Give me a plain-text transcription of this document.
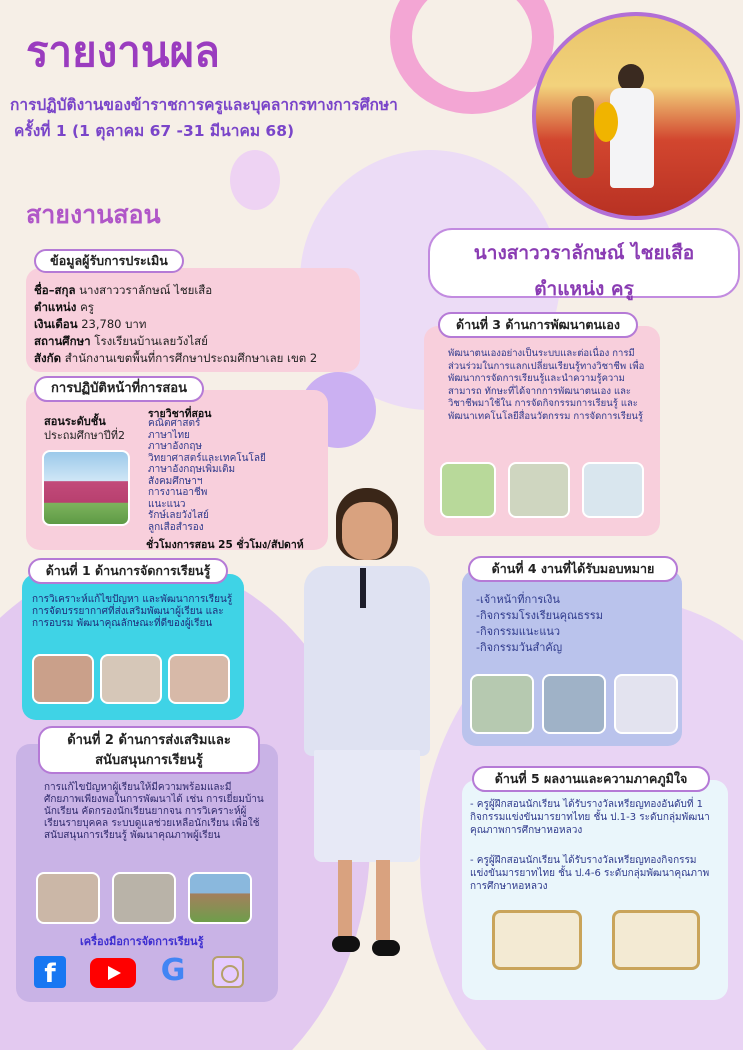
รายงานผล
การปฏิบัติงานของข้าราชการครูและบุคลากรทางการศึกษา
ครั้งที่ 1 (1 ตุลาคม 67 -31 มีนาคม 68)
สายงานสอน
นางสาววราลักษณ์ ไชยเสือ
ตำแหน่ง ครู
ชื่อ–สกุล นางสาววราลักษณ์ ไชยเสือ
ตำแหน่ง ครู
เงินเดือน 23,780 บาท
สถานศึกษา โรงเรียนบ้านเลยวังไสย์
สังกัด สำนักงานเขตพื้นที่การศึกษาประถมศึกษาเลย เขต 2
ข้อมูลผู้รับการประเมิน
สอนระดับชั้น
ประถมศึกษาปีที่2
รายวิชาที่สอน
คณิตศาสตร์
ภาษาไทย
ภาษาอังกฤษ
วิทยาศาสตร์และเทคโนโลยี
ภาษาอังกฤษเพิ่มเติม
สังคมศึกษาฯ
การงานอาชีพ
แนะแนว
รักษ์เลยวังไสย์
ลูกเสือสำรอง
ชั่วโมงการสอน 25 ชั่วโมง/สัปดาห์
การปฏิบัติหน้าที่การสอน
การวิเคราะห์แก้ไขปัญหา และพัฒนาการเรียนรู้การจัดบรรยากาศที่ส่งเสริมพัฒนาผู้เรียน และการอบรม พัฒนาคุณลักษณะที่ดีของผู้เรียน
ด้านที่ 1 ด้านการจัดการเรียนรู้
การแก้ไขปัญหาผู้เรียนให้มีความพร้อมและมีศักยภาพเพียงพอในการพัฒนาได้ เช่น การเยี่ยมบ้านนักเรียน คัดกรองนักเรียนยากจน การวิเคราะห์ผู้เรียนรายบุคคล ระบบดูแลช่วยเหลือนักเรียน เพื่อใช้สนับสนุนการเรียนรู้ พัฒนาคุณภาพผู้เรียน
เครื่องมือการจัดการเรียนรู้
f	G
ด้านที่ 2 ด้านการส่งเสริมและ
สนับสนุนการเรียนรู้
พัฒนาตนเองอย่างเป็นระบบและต่อเนื่อง การมีส่วนร่วมในการแลกเปลี่ยนเรียนรู้ทางวิชาชีพ เพื่อพัฒนาการจัดการเรียนรู้และนำความรู้ความสามารถ ทักษะที่ได้จากการพัฒนาตนเอง และวิชาชีพมาใช้ใน การจัดกิจกรรมการเรียนรู้ และพัฒนาเทคโนโลยีสื่อนวัตกรรม การจัดการเรียนรู้
ด้านที่ 3 ด้านการพัฒนาตนเอง
-เจ้าหน้าที่การเงิน
-กิจกรรมโรงเรียนคุณธรรม
-กิจกรรมแนะแนว
-กิจกรรมวันสำคัญ
ด้านที่ 4 งานที่ได้รับมอบหมาย
- ครูผู้ฝึกสอนนักเรียน ได้รับรางวัลเหรียญทองอันดับที่ 1 กิจกรรมแข่งขันมารยาทไทย ชั้น ป.1-3 ระดับกลุ่มพัฒนาคุณภาพการศึกษาหอหลวง
- ครูผู้ฝึกสอนนักเรียน ได้รับรางวัลเหรียญทองกิจกรรมแข่งขันมารยาทไทย ชั้น ป.4-6 ระดับกลุ่มพัฒนาคุณภาพการศึกษาหอหลวง
ด้านที่ 5 ผลงานและความภาคภูมิใจ
